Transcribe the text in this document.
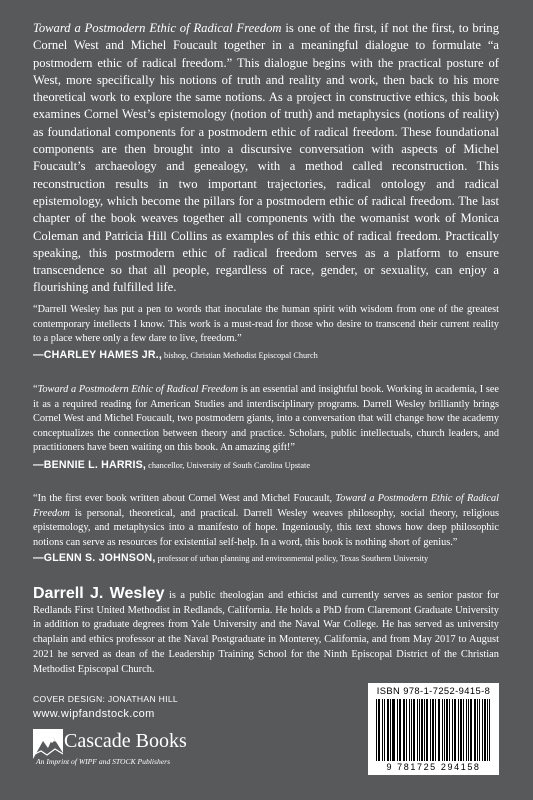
Toward a Postmodern Ethic of Radical Freedom is one of the first, if not the first, to bring Cornel West and Michel Foucault together in a meaningful dialogue to formulate “a postmodern ethic of radical freedom.” This dialogue begins with the practical posture of West, more specifically his notions of truth and reality and work, then back to his more theoretical work to explore the same notions. As a project in constructive ethics, this book examines Cornel West’s epistemology (notion of truth) and metaphysics (notions of reality) as foundational components for a postmodern ethic of radical freedom. These foundational components are then brought into a discursive conversation with aspects of Michel Foucault’s archaeology and genealogy, with a method called reconstruction. This reconstruction results in two important trajectories, radical ontology and radical epistemology, which become the pillars for a postmodern ethic of radical freedom. The last chapter of the book weaves together all components with the womanist work of Monica Coleman and Patricia Hill Collins as examples of this ethic of radical freedom. Practically speaking, this postmodern ethic of radical freedom serves as a platform to ensure transcendence so that all people, regardless of race, gender, or sexuality, can enjoy a flourishing and fulfilled life.

“Darrell Wesley has put a pen to words that inoculate the human spirit with wisdom from one of the greatest contemporary intellects I know. This work is a must-read for those who desire to transcend their current reality to a place where only a few dare to live, freedom.”

—CHARLEY HAMES JR., bishop, Christian Methodist Episcopal Church

“Toward a Postmodern Ethic of Radical Freedom is an essential and insightful book. Working in academia, I see it as a required reading for American Studies and interdisciplinary programs. Darrell Wesley brilliantly brings Cornel West and Michel Foucault, two postmodern giants, into a conversation that will change how the academy conceptualizes the connection between theory and practice. Scholars, public intellectuals, church leaders, and practitioners have been waiting on this book. An amazing gift!”

—BENNIE L. HARRIS, chancellor, University of South Carolina Upstate

“In the first ever book written about Cornel West and Michel Foucault, Toward a Postmodern Ethic of Radical Freedom is personal, theoretical, and practical. Darrell Wesley weaves philosophy, social theory, religious epistemology, and metaphysics into a manifesto of hope. Ingeniously, this text shows how deep philosophic notions can serve as resources for existential self-help. In a word, this book is nothing short of genius.”

—GLENN S. JOHNSON, professor of urban planning and environmental policy, Texas Southern University

Darrell J. Wesley is a public theologian and ethicist and currently serves as senior pastor for Redlands First United Methodist in Redlands, California. He holds a PhD from Claremont Graduate University in addition to graduate degrees from Yale University and the Naval War College. He has served as university chaplain and ethics professor at the Naval Postgraduate in Monterey, California, and from May 2017 to August 2021 he served as dean of the Leadership Training School for the Ninth Episcopal District of the Christian Methodist Episcopal Church.

COVER DESIGN: JONATHAN HILL
www.wipfandstock.com
Cascade Books
An Imprint of WIPF and STOCK Publishers
ISBN 978-1-7252-9415-8
9 781725 294158
